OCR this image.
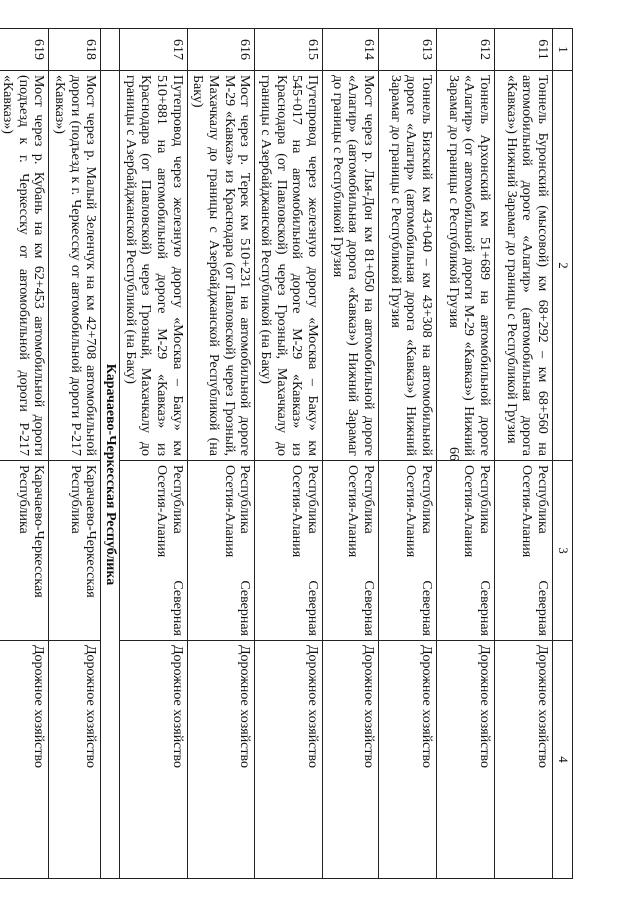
66
1	2	3	4
611	Тоннель Буронский (мысовой) км 68+292 – км 68+560 на автомобильной дороге «Алагир» (автомобильная дорога «Кавказ») Нижний Зарамаг до границы с Республикой Грузия	Республика Северная Осетия-Алания	Дорожное хозяйство
612	Тоннель Архонский км 51+689 на автомобильной дороге «Алагир» (от автомобильной дороги М-29 «Кавказ») Нижний Зарамаг до границы с Республикой Грузия	Республика Северная Осетия-Алания	Дорожное хозяйство
613	Тоннель Бизский км 43+040 – км 43+308 на автомобильной дороге «Алагир» (автомобильная дорога «Кавказ») Нижний Зарамаг до границы с Республикой Грузия	Республика Северная Осетия-Алания	Дорожное хозяйство
614	Мост через р. Лья-Дон км 81+050 на автомобильной дороге «Алагир» (автомобильная дорога «Кавказ») Нижний Зарамаг до границы с Республикой Грузия	Республика Северная Осетия-Алания	Дорожное хозяйство
615	Путепровод через железную дорогу «Москва – Баку» км 545+017 на автомобильной дороге М-29 «Кавказ» из Краснодара (от Павловской) через Грозный, Махачкалу до границы с Азербайджанской Республикой (на Баку)	Республика Северная Осетия-Алания	Дорожное хозяйство
616	Мост через р. Терек км 510+231 на автомобильной дороге М-29 «Кавказ» из Краснодара (от Павловской) через Грозный, Махачкалу до границы с Азербайджанской Республикой (на Баку)	Республика Северная Осетия-Алания	Дорожное хозяйство
617	Путепровод через железную дорогу «Москва – Баку» км 510+881 на автомобильной дороге М-29 «Кавказ» из Краснодара (от Павловской) через Грозный, Махачкалу до границы с Азербайджанской Республикой (на Баку)	Республика Северная Осетия-Алания	Дорожное хозяйство
	Карачаево-Черкесская Республика		
618	Мост через р. Малый Зеленчук на км 42+708 автомобильной дороги (подъезд к г. Черкесску от автомобильной дороги Р-217 «Кавказ»)	Карачаево-Черкесская Республика	Дорожное хозяйство
619	Мост через р. Кубань на км 62+453 автомобильной дороги (подъезд к г. Черкесску от автомобильной дороги Р-217 «Кавказ»)	Карачаево-Черкесская Республика	Дорожное хозяйство
